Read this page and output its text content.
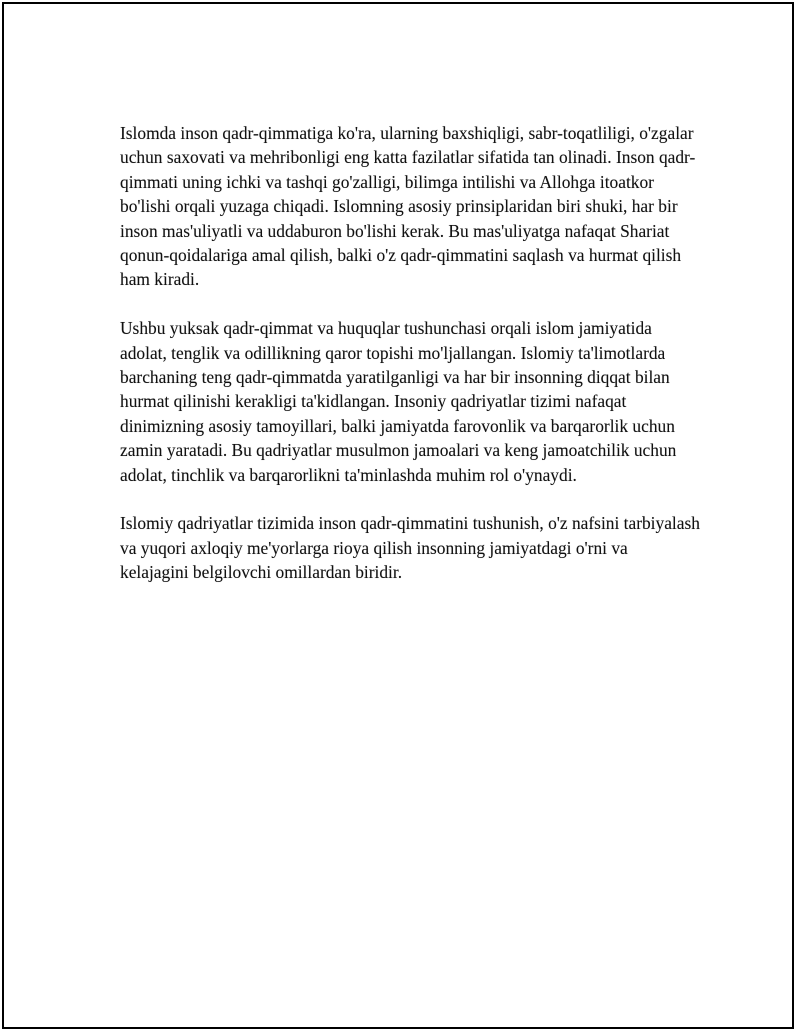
Islomda inson qadr-qimmatiga ko'ra, ularning baxshiqligi, sabr-toqatliligi, o'zgalar uchun saxovati va mehribonligi eng katta fazilatlar sifatida tan olinadi. Inson qadr-qimmati uning ichki va tashqi go'zalligi, bilimga intilishi va Allohga itoatkor bo'lishi orqali yuzaga chiqadi. Islomning asosiy prinsiplaridan biri shuki, har bir inson mas'uliyatli va uddaburon bo'lishi kerak. Bu mas'uliyatga nafaqat Shariat qonun-qoidalariga amal qilish, balki o'z qadr-qimmatini saqlash va hurmat qilish ham kiradi.

Ushbu yuksak qadr-qimmat va huquqlar tushunchasi orqali islom jamiyatida adolat, tenglik va odillikning qaror topishi mo'ljallangan. Islomiy ta'limotlarda barchaning teng qadr-qimmatda yaratilganligi va har bir insonning diqqat bilan hurmat qilinishi kerakligi ta'kidlangan. Insoniy qadriyatlar tizimi nafaqat dinimizning asosiy tamoyillari, balki jamiyatda farovonlik va barqarorlik uchun zamin yaratadi. Bu qadriyatlar musulmon jamoalari va keng jamoatchilik uchun adolat, tinchlik va barqarorlikni ta'minlashda muhim rol o'ynaydi.

Islomiy qadriyatlar tizimida inson qadr-qimmatini tushunish, o'z nafsini tarbiyalash va yuqori axloqiy me'yorlarga rioya qilish insonning jamiyatdagi o'rni va kelajagini belgilovchi omillardan biridir.
